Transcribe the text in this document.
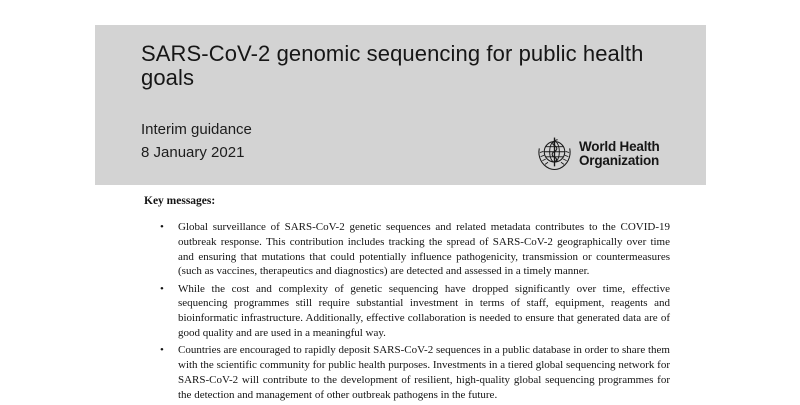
SARS-CoV-2 genomic sequencing for public health goals
Interim guidance
8 January 2021	World Health
Organization
Key messages:
• Global surveillance of SARS-CoV-2 genetic sequences and related metadata contributes to the COVID-19 outbreak response. This contribution includes tracking the spread of SARS-CoV-2 geographically over time and ensuring that mutations that could potentially influence pathogenicity, transmission or countermeasures (such as vaccines, therapeutics and diagnostics) are detected and assessed in a timely manner.
• While the cost and complexity of genetic sequencing have dropped significantly over time, effective sequencing programmes still require substantial investment in terms of staff, equipment, reagents and bioinformatic infrastructure. Additionally, effective collaboration is needed to ensure that generated data are of good quality and are used in a meaningful way.
• Countries are encouraged to rapidly deposit SARS-CoV-2 sequences in a public database in order to share them with the scientific community for public health purposes. Investments in a tiered global sequencing network for SARS-CoV-2 will contribute to the development of resilient, high-quality global sequencing programmes for the detection and management of other outbreak pathogens in the future.
